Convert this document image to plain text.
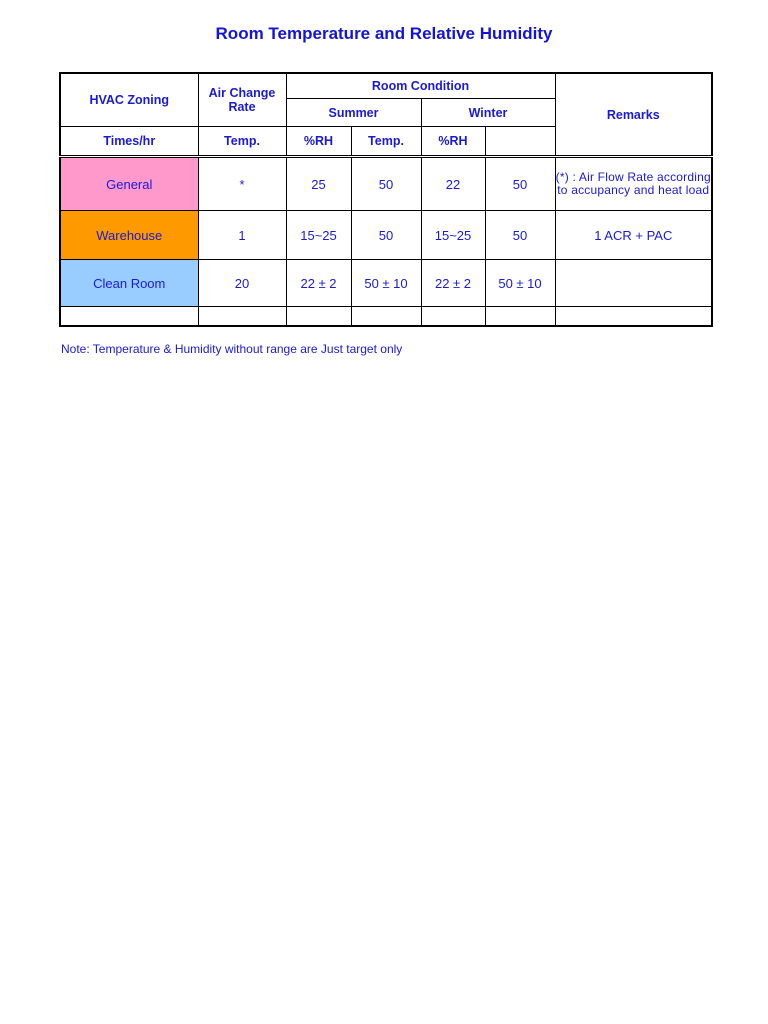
Room Temperature and Relative Humidity
HVAC Zoning	Air Change Rate	Room Condition				Remarks
		Summer		Winter		
Times/hr	Temp.	%RH	Temp.	%RH		
General	*	25	50	22	50	(*) : Air Flow Rate according to accupancy and heat load
Warehouse	1	15~25	50	15~25	50	1 ACR + PAC
Clean Room	20	22 ± 2	50 ± 10	22 ± 2	50 ± 10	

Note: Temperature & Humidity without range are Just target only
